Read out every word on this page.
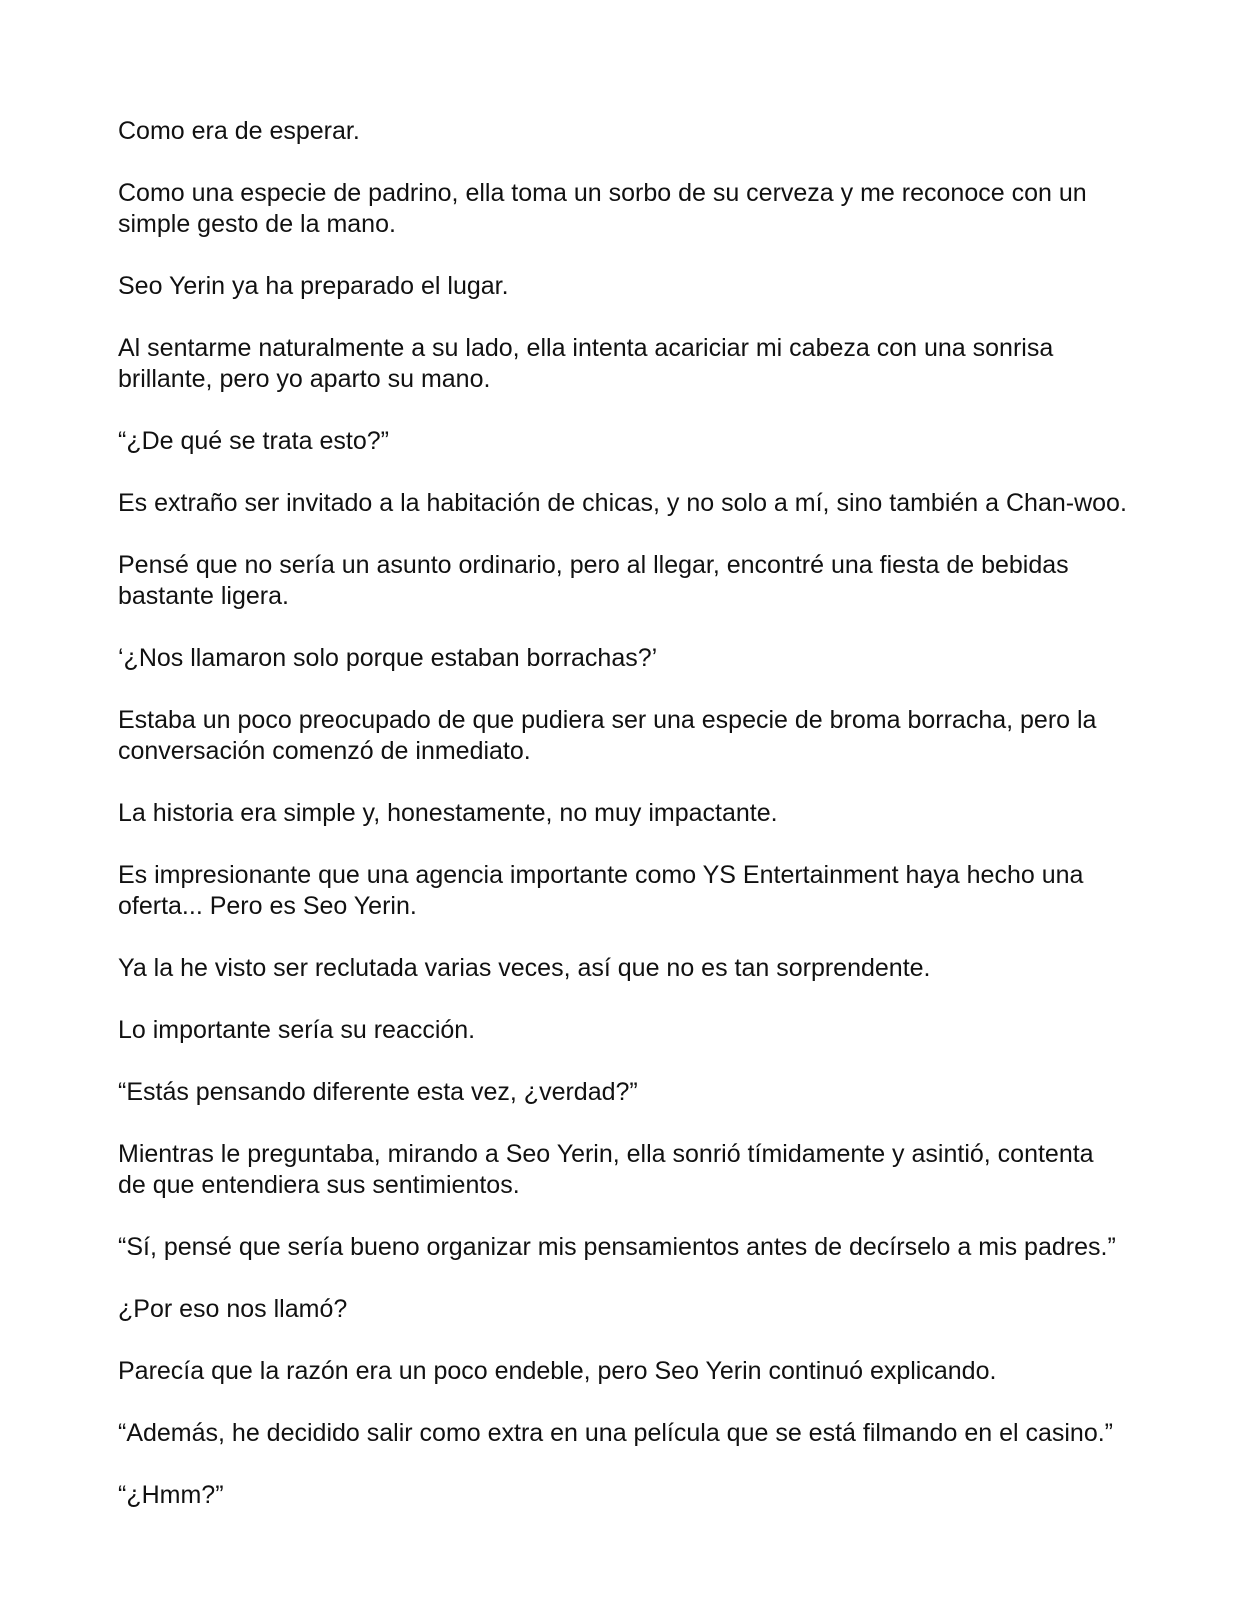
Como era de esperar.

Como una especie de padrino, ella toma un sorbo de su cerveza y me reconoce con un simple gesto de la mano.

Seo Yerin ya ha preparado el lugar.

Al sentarme naturalmente a su lado, ella intenta acariciar mi cabeza con una sonrisa brillante, pero yo aparto su mano.

“¿De qué se trata esto?”

Es extraño ser invitado a la habitación de chicas, y no solo a mí, sino también a Chan-woo.

Pensé que no sería un asunto ordinario, pero al llegar, encontré una fiesta de bebidas bastante ligera.

‘¿Nos llamaron solo porque estaban borrachas?’

Estaba un poco preocupado de que pudiera ser una especie de broma borracha, pero la conversación comenzó de inmediato.

La historia era simple y, honestamente, no muy impactante.

Es impresionante que una agencia importante como YS Entertainment haya hecho una oferta... Pero es Seo Yerin.

Ya la he visto ser reclutada varias veces, así que no es tan sorprendente.

Lo importante sería su reacción.

“Estás pensando diferente esta vez, ¿verdad?”

Mientras le preguntaba, mirando a Seo Yerin, ella sonrió tímidamente y asintió, contenta de que entendiera sus sentimientos.

“Sí, pensé que sería bueno organizar mis pensamientos antes de decírselo a mis padres.”

¿Por eso nos llamó?

Parecía que la razón era un poco endeble, pero Seo Yerin continuó explicando.

“Además, he decidido salir como extra en una película que se está filmando en el casino.”

“¿Hmm?”
